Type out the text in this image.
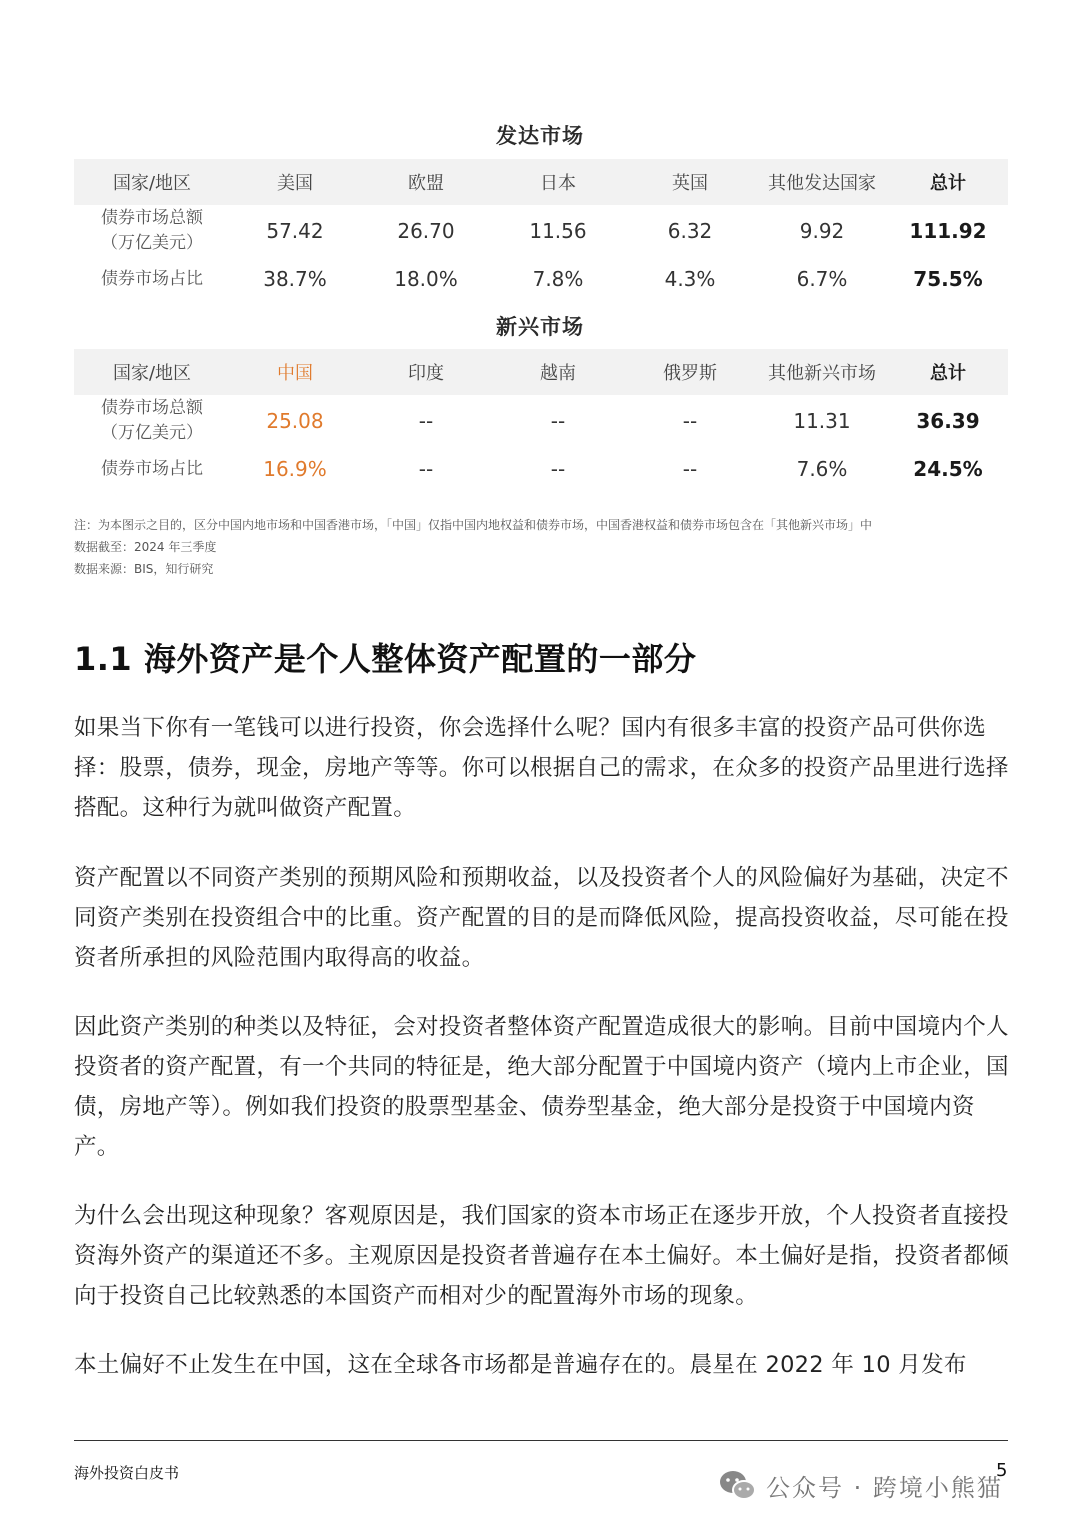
发达市场
国家/地区	美国	欧盟	日本	英国	其他发达国家	总计
债券市场总额
（万亿美元）	57.42	26.70	11.56	6.32	9.92	111.92
债券市场占比	38.7%	18.0%	7.8%	4.3%	6.7%	75.5%
新兴市场
国家/地区	中国	印度	越南	俄罗斯	其他新兴市场	总计
债券市场总额
（万亿美元）	25.08	--	--	--	11.31	36.39
债券市场占比	16.9%	--	--	--	7.6%	24.5%
注：为本图示之目的，区分中国内地市场和中国香港市场，「中国」仅指中国内地权益和债券市场，中国香港权益和债券市场包含在「其他新兴市场」中
数据截至：2024 年三季度
数据来源：BIS，知行研究
1.1 海外资产是个人整体资产配置的一部分
如果当下你有一笔钱可以进行投资，你会选择什么呢？国内有很多丰富的投资产品可供你选择：股票，债券，现金，房地产等等。你可以根据自己的需求，在众多的投资产品里进行选择搭配。这种行为就叫做资产配置。
资产配置以不同资产类别的预期风险和预期收益，以及投资者个人的风险偏好为基础，决定不同资产类别在投资组合中的比重。资产配置的目的是而降低风险，提高投资收益，尽可能在投资者所承担的风险范围内取得高的收益。
因此资产类别的种类以及特征，会对投资者整体资产配置造成很大的影响。目前中国境内个人投资者的资产配置，有一个共同的特征是，绝大部分配置于中国境内资产（境内上市企业，国债，房地产等）。例如我们投资的股票型基金、债券型基金，绝大部分是投资于中国境内资产。
为什么会出现这种现象？客观原因是，我们国家的资本市场正在逐步开放，个人投资者直接投资海外资产的渠道还不多。主观原因是投资者普遍存在本土偏好。本土偏好是指，投资者都倾向于投资自己比较熟悉的本国资产而相对少的配置海外市场的现象。
本土偏好不止发生在中国，这在全球各市场都是普遍存在的。晨星在 2022 年 10 月发布
海外投资白皮书	5
公众号 · 跨境小熊猫
